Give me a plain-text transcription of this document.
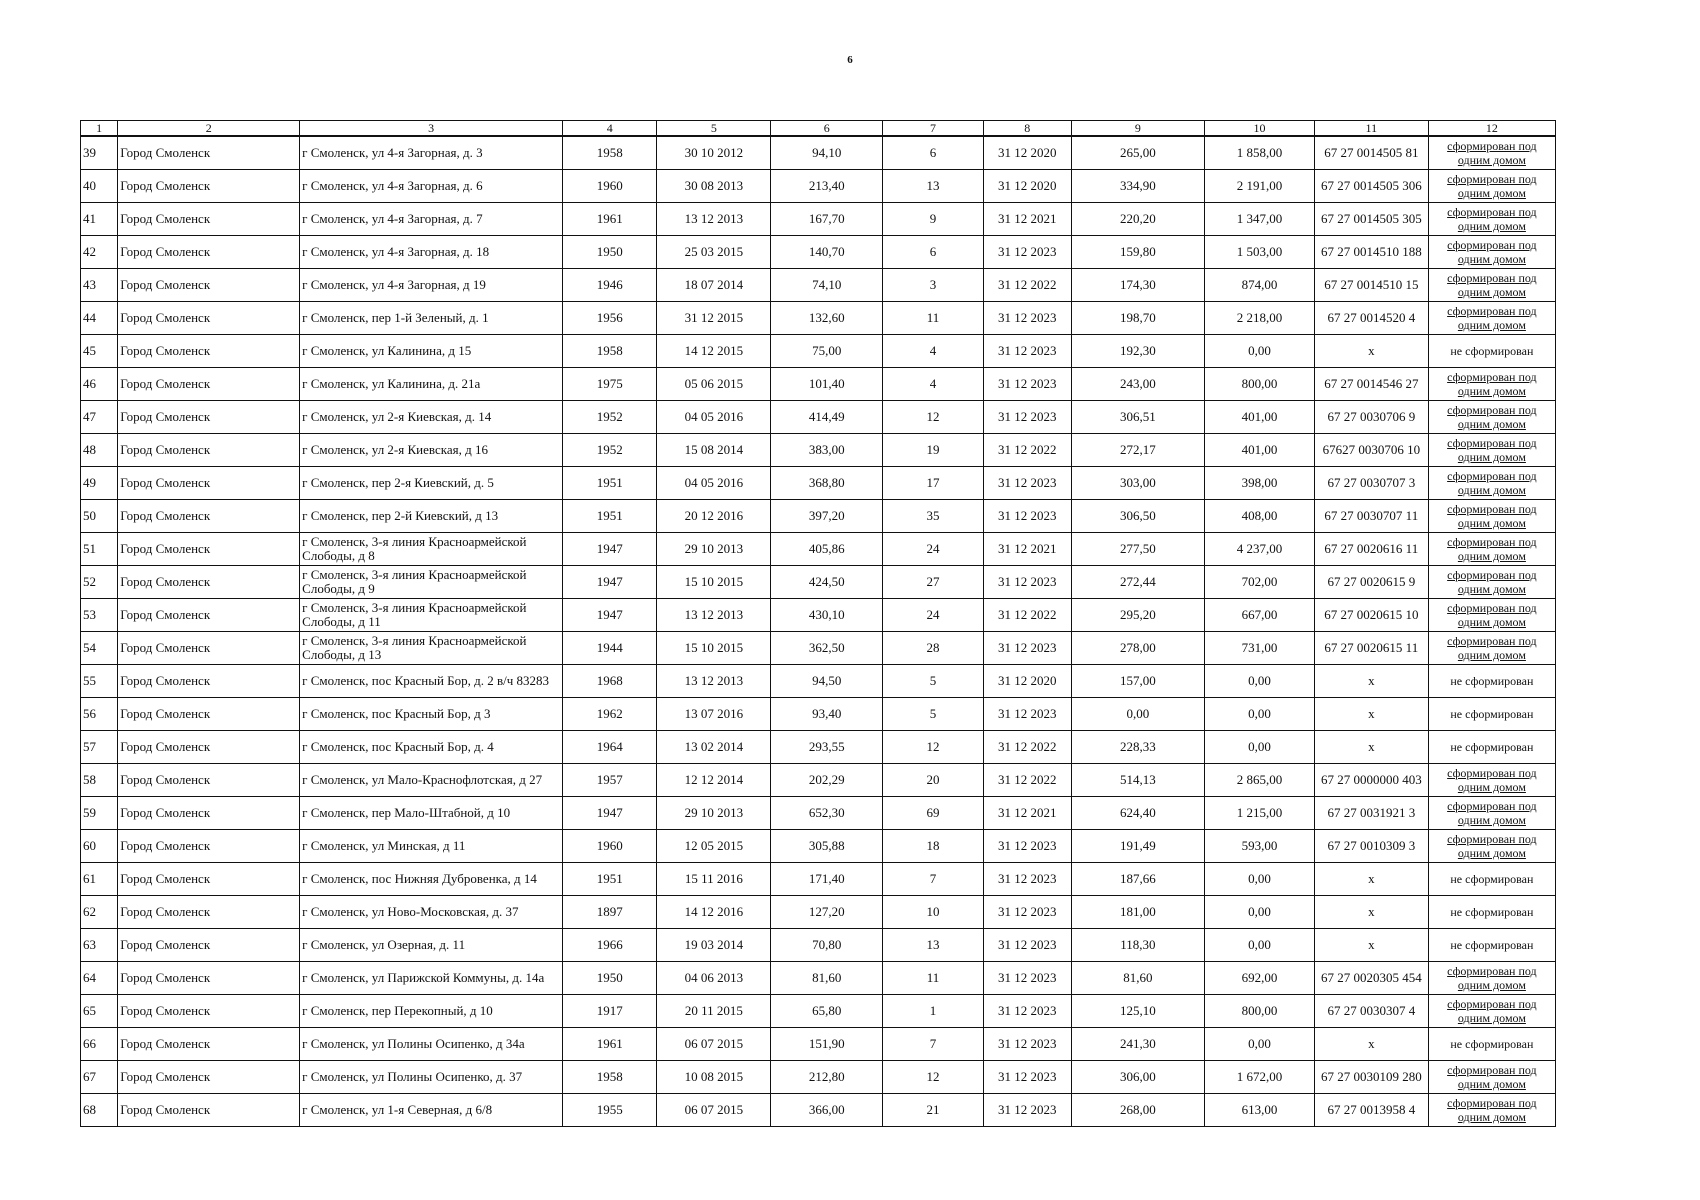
6
1	2	3	4	5	6	7	8	9	10	11	12
39	Город Смоленск	г Смоленск, ул 4-я Загорная, д. 3	1958	30 10 2012	94,10	6	31 12 2020	265,00	1 858,00	67 27 0014505 81	сформирован под одним домом
40	Город Смоленск	г Смоленск, ул 4-я Загорная, д. 6	1960	30 08 2013	213,40	13	31 12 2020	334,90	2 191,00	67 27 0014505 306	сформирован под одним домом
41	Город Смоленск	г Смоленск, ул 4-я Загорная, д. 7	1961	13 12 2013	167,70	9	31 12 2021	220,20	1 347,00	67 27 0014505 305	сформирован под одним домом
42	Город Смоленск	г Смоленск, ул 4-я Загорная, д. 18	1950	25 03 2015	140,70	6	31 12 2023	159,80	1 503,00	67 27 0014510 188	сформирован под одним домом
43	Город Смоленск	г Смоленск, ул 4-я Загорная, д 19	1946	18 07 2014	74,10	3	31 12 2022	174,30	874,00	67 27 0014510 15	сформирован под одним домом
44	Город Смоленск	г Смоленск, пер 1-й Зеленый, д. 1	1956	31 12 2015	132,60	11	31 12 2023	198,70	2 218,00	67 27 0014520 4	сформирован под одним домом
45	Город Смоленск	г Смоленск, ул Калинина, д 15	1958	14 12 2015	75,00	4	31 12 2023	192,30	0,00	x	не сформирован
46	Город Смоленск	г Смоленск, ул Калинина, д. 21а	1975	05 06 2015	101,40	4	31 12 2023	243,00	800,00	67 27 0014546 27	сформирован под одним домом
47	Город Смоленск	г Смоленск, ул 2-я Киевская, д. 14	1952	04 05 2016	414,49	12	31 12 2023	306,51	401,00	67 27 0030706 9	сформирован под одним домом
48	Город Смоленск	г Смоленск, ул 2-я Киевская, д 16	1952	15 08 2014	383,00	19	31 12 2022	272,17	401,00	67627 0030706 10	сформирован под одним домом
49	Город Смоленск	г Смоленск, пер 2-я Киевский, д. 5	1951	04 05 2016	368,80	17	31 12 2023	303,00	398,00	67 27 0030707 3	сформирован под одним домом
50	Город Смоленск	г Смоленск, пер 2-й Киевский, д 13	1951	20 12 2016	397,20	35	31 12 2023	306,50	408,00	67 27 0030707 11	сформирован под одним домом
51	Город Смоленск	г Смоленск, 3-я линия Красноармейской Слободы, д 8	1947	29 10 2013	405,86	24	31 12 2021	277,50	4 237,00	67 27 0020616 11	сформирован под одним домом
52	Город Смоленск	г Смоленск, 3-я линия Красноармейской Слободы, д 9	1947	15 10 2015	424,50	27	31 12 2023	272,44	702,00	67 27 0020615 9	сформирован под одним домом
53	Город Смоленск	г Смоленск, 3-я линия Красноармейской Слободы, д 11	1947	13 12 2013	430,10	24	31 12 2022	295,20	667,00	67 27 0020615 10	сформирован под одним домом
54	Город Смоленск	г Смоленск, 3-я линия Красноармейской Слободы, д 13	1944	15 10 2015	362,50	28	31 12 2023	278,00	731,00	67 27 0020615 11	сформирован под одним домом
55	Город Смоленск	г Смоленск, пос Красный Бор, д. 2 в/ч 83283	1968	13 12 2013	94,50	5	31 12 2020	157,00	0,00	x	не сформирован
56	Город Смоленск	г Смоленск, пос Красный Бор, д 3	1962	13 07 2016	93,40	5	31 12 2023	0,00	0,00	x	не сформирован
57	Город Смоленск	г Смоленск, пос Красный Бор, д. 4	1964	13 02 2014	293,55	12	31 12 2022	228,33	0,00	x	не сформирован
58	Город Смоленск	г Смоленск, ул Мало-Краснофлотская, д 27	1957	12 12 2014	202,29	20	31 12 2022	514,13	2 865,00	67 27 0000000 403	сформирован под одним домом
59	Город Смоленск	г Смоленск, пер Мало-Штабной, д 10	1947	29 10 2013	652,30	69	31 12 2021	624,40	1 215,00	67 27 0031921 3	сформирован под одним домом
60	Город Смоленск	г Смоленск, ул Минская, д 11	1960	12 05 2015	305,88	18	31 12 2023	191,49	593,00	67 27 0010309 3	сформирован под одним домом
61	Город Смоленск	г Смоленск, пос Нижняя Дубровенка, д 14	1951	15 11 2016	171,40	7	31 12 2023	187,66	0,00	x	не сформирован
62	Город Смоленск	г Смоленск, ул Ново-Московская, д. 37	1897	14 12 2016	127,20	10	31 12 2023	181,00	0,00	x	не сформирован
63	Город Смоленск	г Смоленск, ул Озерная, д. 11	1966	19 03 2014	70,80	13	31 12 2023	118,30	0,00	x	не сформирован
64	Город Смоленск	г Смоленск, ул Парижской Коммуны, д. 14а	1950	04 06 2013	81,60	11	31 12 2023	81,60	692,00	67 27 0020305 454	сформирован под одним домом
65	Город Смоленск	г Смоленск, пер Перекопный, д 10	1917	20 11 2015	65,80	1	31 12 2023	125,10	800,00	67 27 0030307 4	сформирован под одним домом
66	Город Смоленск	г Смоленск, ул Полины Осипенко, д 34а	1961	06 07 2015	151,90	7	31 12 2023	241,30	0,00	x	не сформирован
67	Город Смоленск	г Смоленск, ул Полины Осипенко, д. 37	1958	10 08 2015	212,80	12	31 12 2023	306,00	1 672,00	67 27 0030109 280	сформирован под одним домом
68	Город Смоленск	г Смоленск, ул 1-я Северная, д 6/8	1955	06 07 2015	366,00	21	31 12 2023	268,00	613,00	67 27 0013958 4	сформирован под одним домом
